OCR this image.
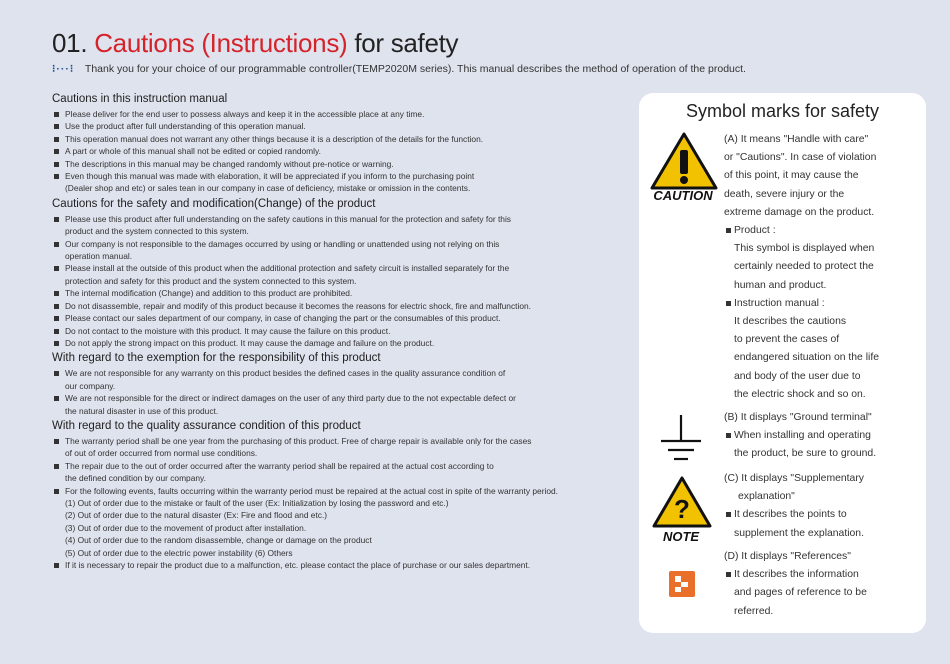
01. Cautions (Instructions) for safety
⁝···⁝ Thank you for your choice of our programmable controller(TEMP2020M series). This manual describes the method of operation of the product.
Cautions in this instruction manual
Please deliver for the end user to possess always and keep it in the accessible place at any time.
Use the product after full understanding of this operation manual.
This operation manual does not warrant any other things because it is a description of the details for the function.
A part or whole of this manual shall not be edited or copied randomly.
The descriptions in this manual may be changed randomly without pre-notice or warning.
Even though this manual was made with elaboration, it will be appreciated if you inform to the purchasing point
(Dealer shop and etc) or sales tean in our company in case of deficiency, mistake or omission in the contents.
Cautions for the safety and modification(Change) of the product
Please use this product after full understanding on the safety cautions in this manual for the protection and safety for this
product and the system connected to this system.
Our company is not responsible to the damages occurred by using or handling or unattended using not relying on this
operation manual.
Please install at the outside of this product when the additional protection and safety circuit is installed separately for the
protection and safety for this product and the system connected to this system.
The internal modification (Change) and addition to this product are prohibited.
Do not disassemble, repair and modify of this product because it becomes the reasons for electric shock, fire and malfunction.
Please contact our sales department of our company, in case of changing the part or the consumables of this product.
Do not contact to the moisture with this product. It may cause the failure on this product.
Do not apply the strong impact on this product. It may cause the damage and failure on the product.
With regard to the exemption for the responsibility of this product
We are not responsible for any warranty on this product besides the defined cases in the quality assurance condition of
our company.
We are not responsible for the direct or indirect damages on the user of any third party due to the not expectable defect or
the natural disaster in use of this product.
With regard to the quality assurance condition of this product
The warranty period shall be one year from the purchasing of this product. Free of charge repair is available only for the cases
of out of order occurred from normal use conditions.
The repair due to the out of order occurred after the warranty period shall be repaired at the actual cost according to
the defined condition by our company.
For the following events, faults occurring within the warranty period must be repaired at the actual cost in spite of the warranty period.
(1) Out of order due to the mistake or fault of the user (Ex: Initialization by losing the password and etc.)
(2) Out of order due to the natural disaster (Ex: Fire and flood and etc.)
(3) Out of order due to the movement of product after installation.
(4) Out of order due to the random disassemble, change or damage on the product
(5) Out of order due to the electric power instability (6) Others
If it is necessary to repair the product due to a malfunction, etc. please contact the place of purchase or our sales department.
Symbol marks for safety
CAUTION
(A) It means "Handle with care"
or "Cautions". In case of violation
of this point, it may cause the
death, severe injury or the
extreme damage on the product.
Product :
This symbol is displayed when
certainly needed to protect the
human and product.
Instruction manual :
It describes the cautions
to prevent the cases of
endangered situation on the life
and body of the user due to
the electric shock and so on.
(B) It displays "Ground terminal"
When installing and operating
the product, be sure to ground.
?
NOTE
(C) It displays "Supplementary
explanation"
It describes the points to
supplement the explanation.
(D) It displays "References"
It describes the information
and pages of reference to be
referred.
